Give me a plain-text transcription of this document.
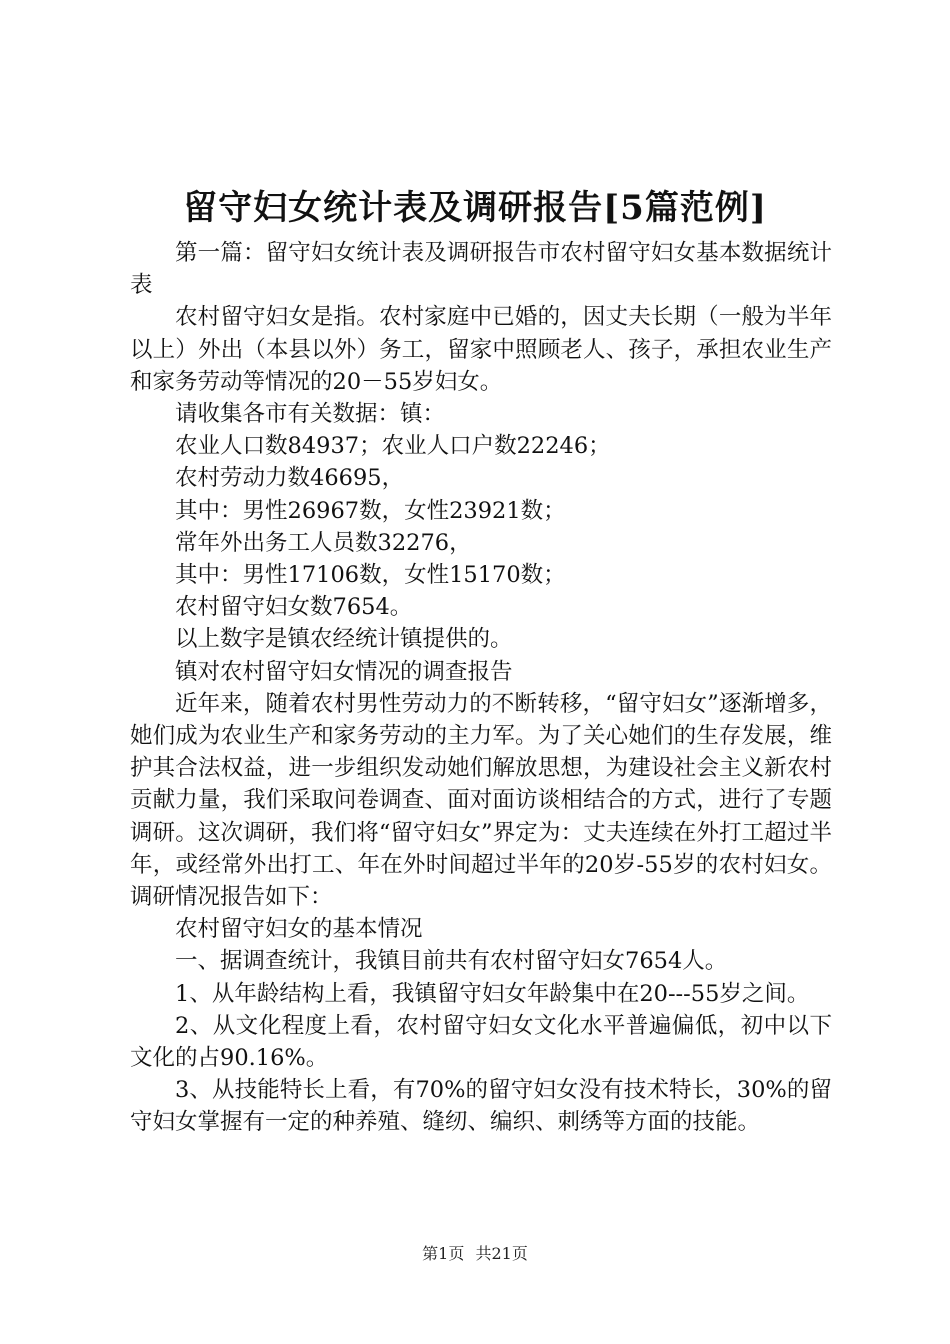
留守妇女统计表及调研报告[5篇范例]

第一篇：留守妇女统计表及调研报告市农村留守妇女基本数据统计表

农村留守妇女是指。农村家庭中已婚的，因丈夫长期（一般为半年以上）外出（本县以外）务工，留家中照顾老人、孩子，承担农业生产和家务劳动等情况的20－55岁妇女。

请收集各市有关数据：镇：

农业人口数84937；农业人口户数22246；

农村劳动力数46695，

其中：男性26967数，女性23921数；

常年外出务工人员数32276，

其中：男性17106数，女性15170数；

农村留守妇女数7654。

以上数字是镇农经统计镇提供的。

镇对农村留守妇女情况的调查报告

近年来，随着农村男性劳动力的不断转移，“留守妇女”逐渐增多，她们成为农业生产和家务劳动的主力军。为了关心她们的生存发展，维护其合法权益，进一步组织发动她们解放思想，为建设社会主义新农村贡献力量，我们采取问卷调查、面对面访谈相结合的方式，进行了专题调研。这次调研，我们将“留守妇女”界定为：丈夫连续在外打工超过半年，或经常外出打工、年在外时间超过半年的20岁-55岁的农村妇女。调研情况报告如下：

农村留守妇女的基本情况

一、据调查统计，我镇目前共有农村留守妇女7654人。

1、从年龄结构上看，我镇留守妇女年龄集中在20---55岁之间。

2、从文化程度上看，农村留守妇女文化水平普遍偏低，初中以下文化的占90.16%。

3、从技能特长上看，有70%的留守妇女没有技术特长，30%的留守妇女掌握有一定的种养殖、缝纫、编织、刺绣等方面的技能。

第1页 共21页
